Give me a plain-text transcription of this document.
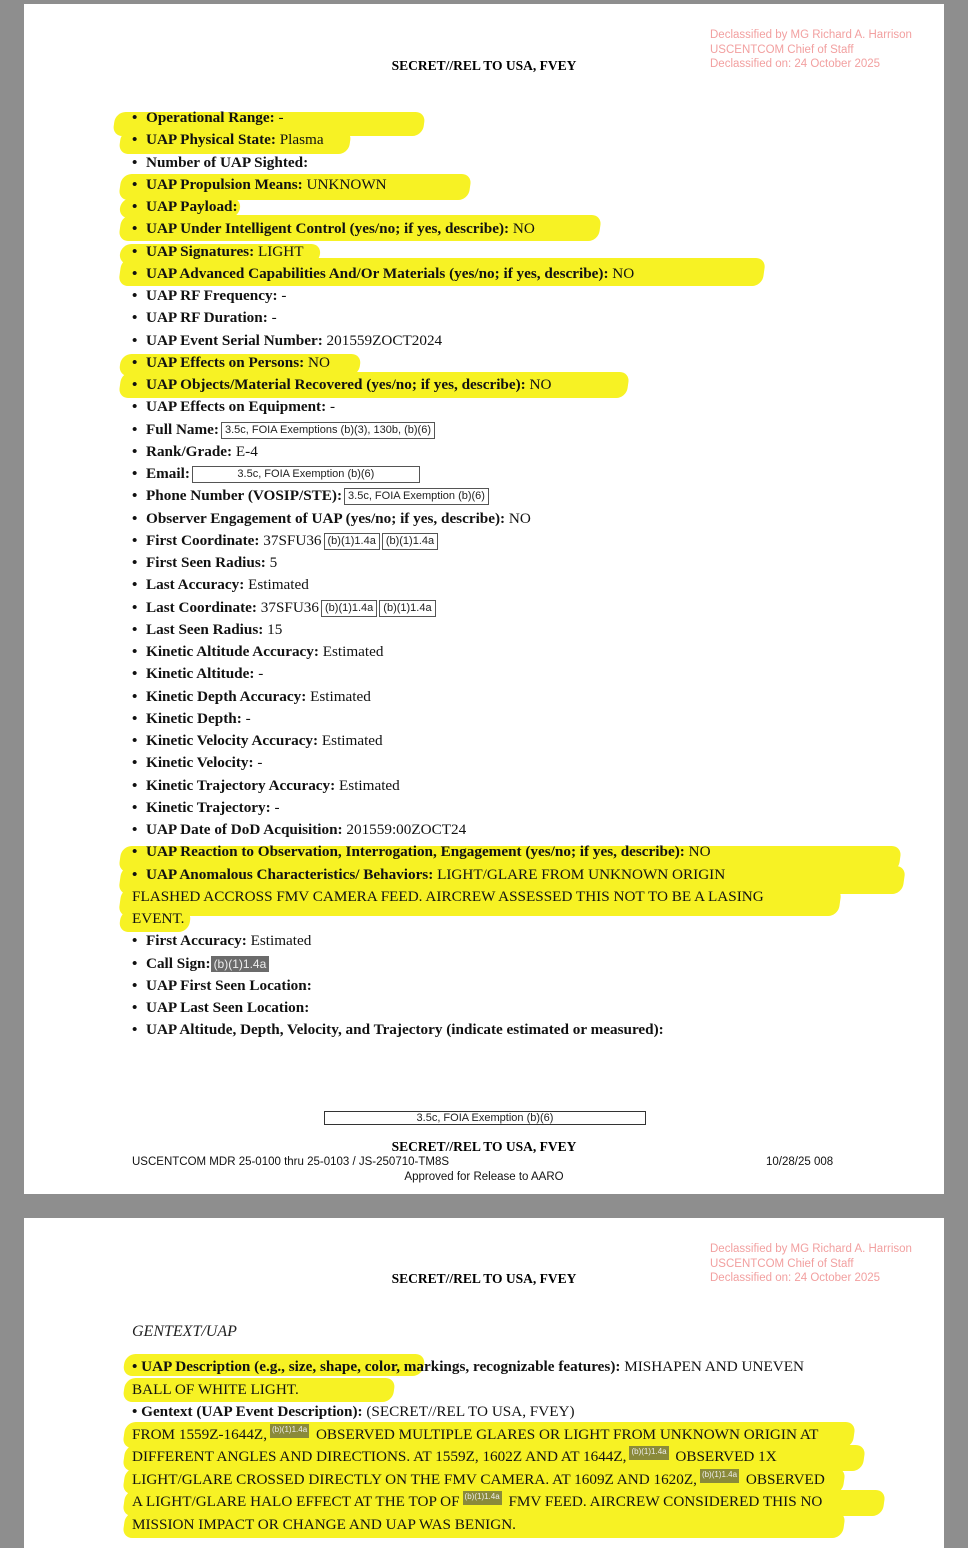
Declassified by MG Richard A. Harrison
USCENTCOM Chief of Staff
Declassified on: 24 October 2025
SECRET//REL TO USA, FVEY
• Operational Range: -
• UAP Physical State: Plasma
• Number of UAP Sighted:
• UAP Propulsion Means: UNKNOWN
• UAP Payload:
• UAP Under Intelligent Control (yes/no; if yes, describe): NO
• UAP Signatures: LIGHT
• UAP Advanced Capabilities And/Or Materials (yes/no; if yes, describe): NO
• UAP RF Frequency: -
• UAP RF Duration: -
• UAP Event Serial Number: 201559ZOCT2024
• UAP Effects on Persons: NO
• UAP Objects/Material Recovered (yes/no; if yes, describe): NO
• UAP Effects on Equipment: -
• Full Name: 3.5c, FOIA Exemptions (b)(3), 130b, (b)(6)
• Rank/Grade: E-4
• Email:	3.5c, FOIA Exemption (b)(6)
• Phone Number (VOSIP/STE): 3.5c, FOIA Exemption (b)(6)
• Observer Engagement of UAP (yes/no; if yes, describe): NO
• First Coordinate: 37SFU36 (b)(1)1.4a (b)(1)1.4a
• First Seen Radius: 5
• Last Accuracy: Estimated
• Last Coordinate: 37SFU36 (b)(1)1.4a (b)(1)1.4a
• Last Seen Radius: 15
• Kinetic Altitude Accuracy: Estimated
• Kinetic Altitude: -
• Kinetic Depth Accuracy: Estimated
• Kinetic Depth: -
• Kinetic Velocity Accuracy: Estimated
• Kinetic Velocity: -
• Kinetic Trajectory Accuracy: Estimated
• Kinetic Trajectory: -
• UAP Date of DoD Acquisition: 201559:00ZOCT24
• UAP Reaction to Observation, Interrogation, Engagement (yes/no; if yes, describe): NO
• UAP Anomalous Characteristics/ Behaviors: LIGHT/GLARE FROM UNKNOWN ORIGIN
FLASHED ACCROSS FMV CAMERA FEED. AIRCREW ASSESSED THIS NOT TO BE A LASING
EVENT.
• First Accuracy: Estimated
• Call Sign: (b)(1)1.4a
• UAP First Seen Location:
• UAP Last Seen Location:
• UAP Altitude, Depth, Velocity, and Trajectory (indicate estimated or measured):
3.5c, FOIA Exemption (b)(6)
SECRET//REL TO USA, FVEY
USCENTCOM MDR 25-0100 thru 25-0103 / JS-250710-TM8S	10/28/25 008
Approved for Release to AARO
Declassified by MG Richard A. Harrison
USCENTCOM Chief of Staff
Declassified on: 24 October 2025
SECRET//REL TO USA, FVEY
GENTEXT/UAP
• UAP Description (e.g., size, shape, color, markings, recognizable features): MISHAPEN AND UNEVEN BALL OF WHITE LIGHT.
• Gentext (UAP Event Description): (SECRET//REL TO USA, FVEY)
FROM 1559Z-1644Z, (b)(1)1.4a OBSERVED MULTIPLE GLARES OR LIGHT FROM UNKNOWN ORIGIN AT DIFFERENT ANGLES AND DIRECTIONS. AT 1559Z, 1602Z AND AT 1644Z, (b)(1)1.4a OBSERVED 1X LIGHT/GLARE CROSSED DIRECTLY ON THE FMV CAMERA. AT 1609Z AND 1620Z, (b)(1)1.4a OBSERVED A LIGHT/GLARE HALO EFFECT AT THE TOP OF (b)(1)1.4a FMV FEED. AIRCREW CONSIDERED THIS NO MISSION IMPACT OR CHANGE AND UAP WAS BENIGN.
